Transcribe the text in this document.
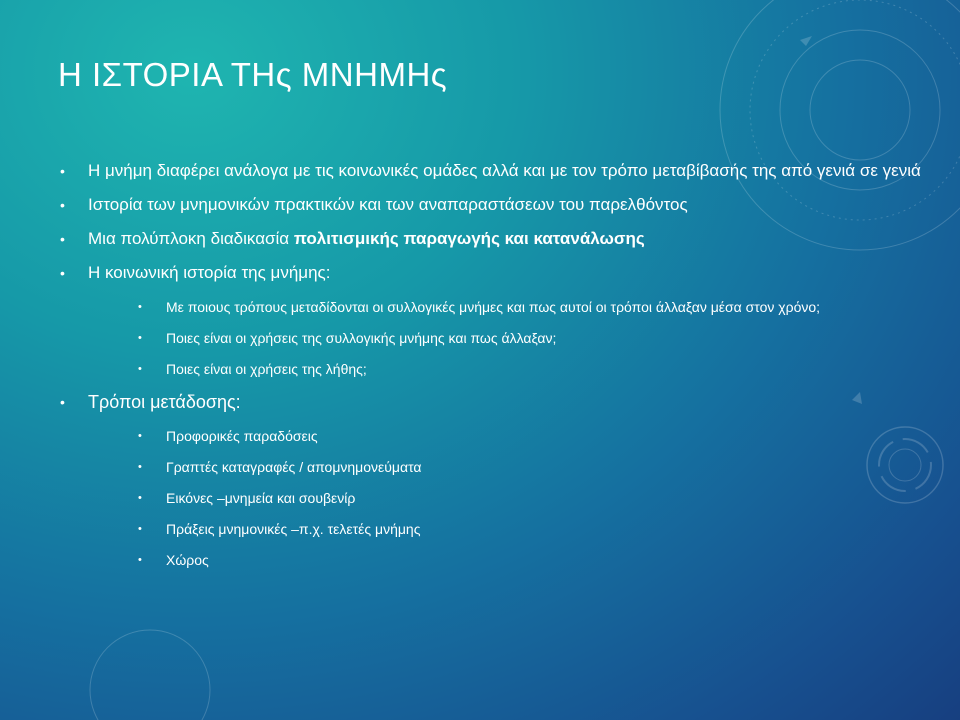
Η ΙΣΤΟΡΙΑ ΤΗς ΜΝΗΜΗς
• Η μνήμη διαφέρει ανάλογα με τις κοινωνικές ομάδες αλλά και με τον τρόπο μεταβίβασής της από γενιά σε γενιά
• Ιστορία των μνημονικών πρακτικών και των αναπαραστάσεων του παρελθόντος
• Μια πολύπλοκη διαδικασία πολιτισμικής παραγωγής και κατανάλωσης
• Η κοινωνική ιστορία της μνήμης:
• Με ποιους τρόπους μεταδίδονται οι συλλογικές μνήμες και πως αυτοί οι τρόποι άλλαξαν μέσα στον χρόνο;
• Ποιες είναι οι χρήσεις της συλλογικής μνήμης και πως άλλαξαν;
• Ποιες είναι οι χρήσεις της λήθης;
• Τρόποι μετάδοσης:
• Προφορικές παραδόσεις
• Γραπτές καταγραφές / απομνημονεύματα
• Εικόνες –μνημεία και σουβενίρ
• Πράξεις μνημονικές –π.χ. τελετές μνήμης
• Χώρος
